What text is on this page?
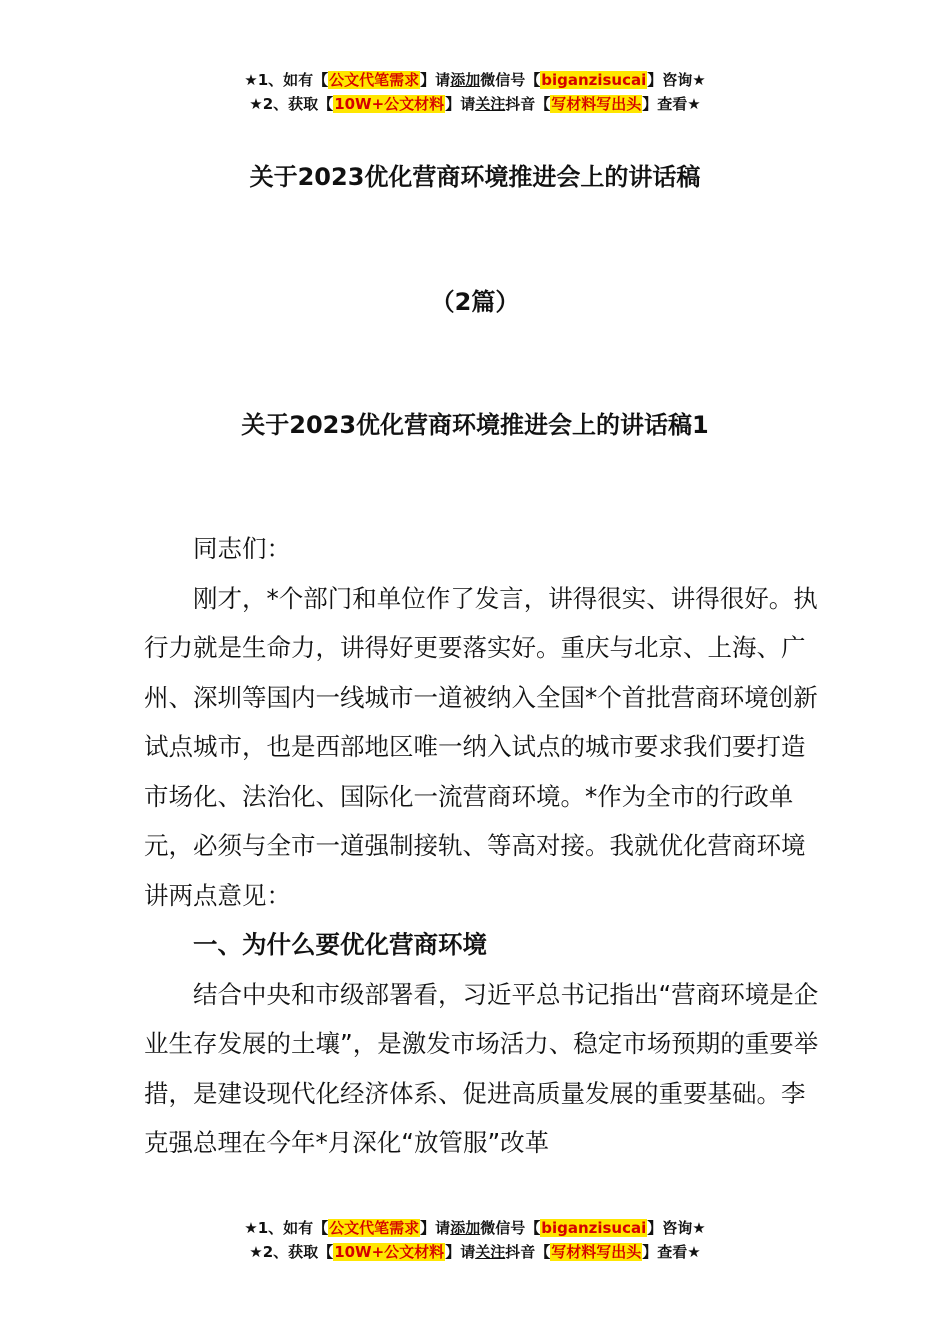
★1、如有【公文代笔需求】请添加微信号【biganzisucai】咨询★
★2、获取【10W+公文材料】请关注抖音【写材料写出头】查看★
关于2023优化营商环境推进会上的讲话稿
（2篇）
关于2023优化营商环境推进会上的讲话稿1

同志们：

刚才，*个部门和单位作了发言，讲得很实、讲得很好。执行力就是生命力，讲得好更要落实好。重庆与北京、上海、广州、深圳等国内一线城市一道被纳入全国*个首批营商环境创新试点城市，也是西部地区唯一纳入试点的城市要求我们要打造市场化、法治化、国际化一流营商环境。*作为全市的行政单元，必须与全市一道强制接轨、等高对接。我就优化营商环境讲两点意见：

一、为什么要优化营商环境

结合中央和市级部署看，习近平总书记指出“营商环境是企业生存发展的土壤”，是激发市场活力、稳定市场预期的重要举措，是建设现代化经济体系、促进高质量发展的重要基础。李克强总理在今年*月深化“放管服”改革

★1、如有【公文代笔需求】请添加微信号【biganzisucai】咨询★
★2、获取【10W+公文材料】请关注抖音【写材料写出头】查看★
